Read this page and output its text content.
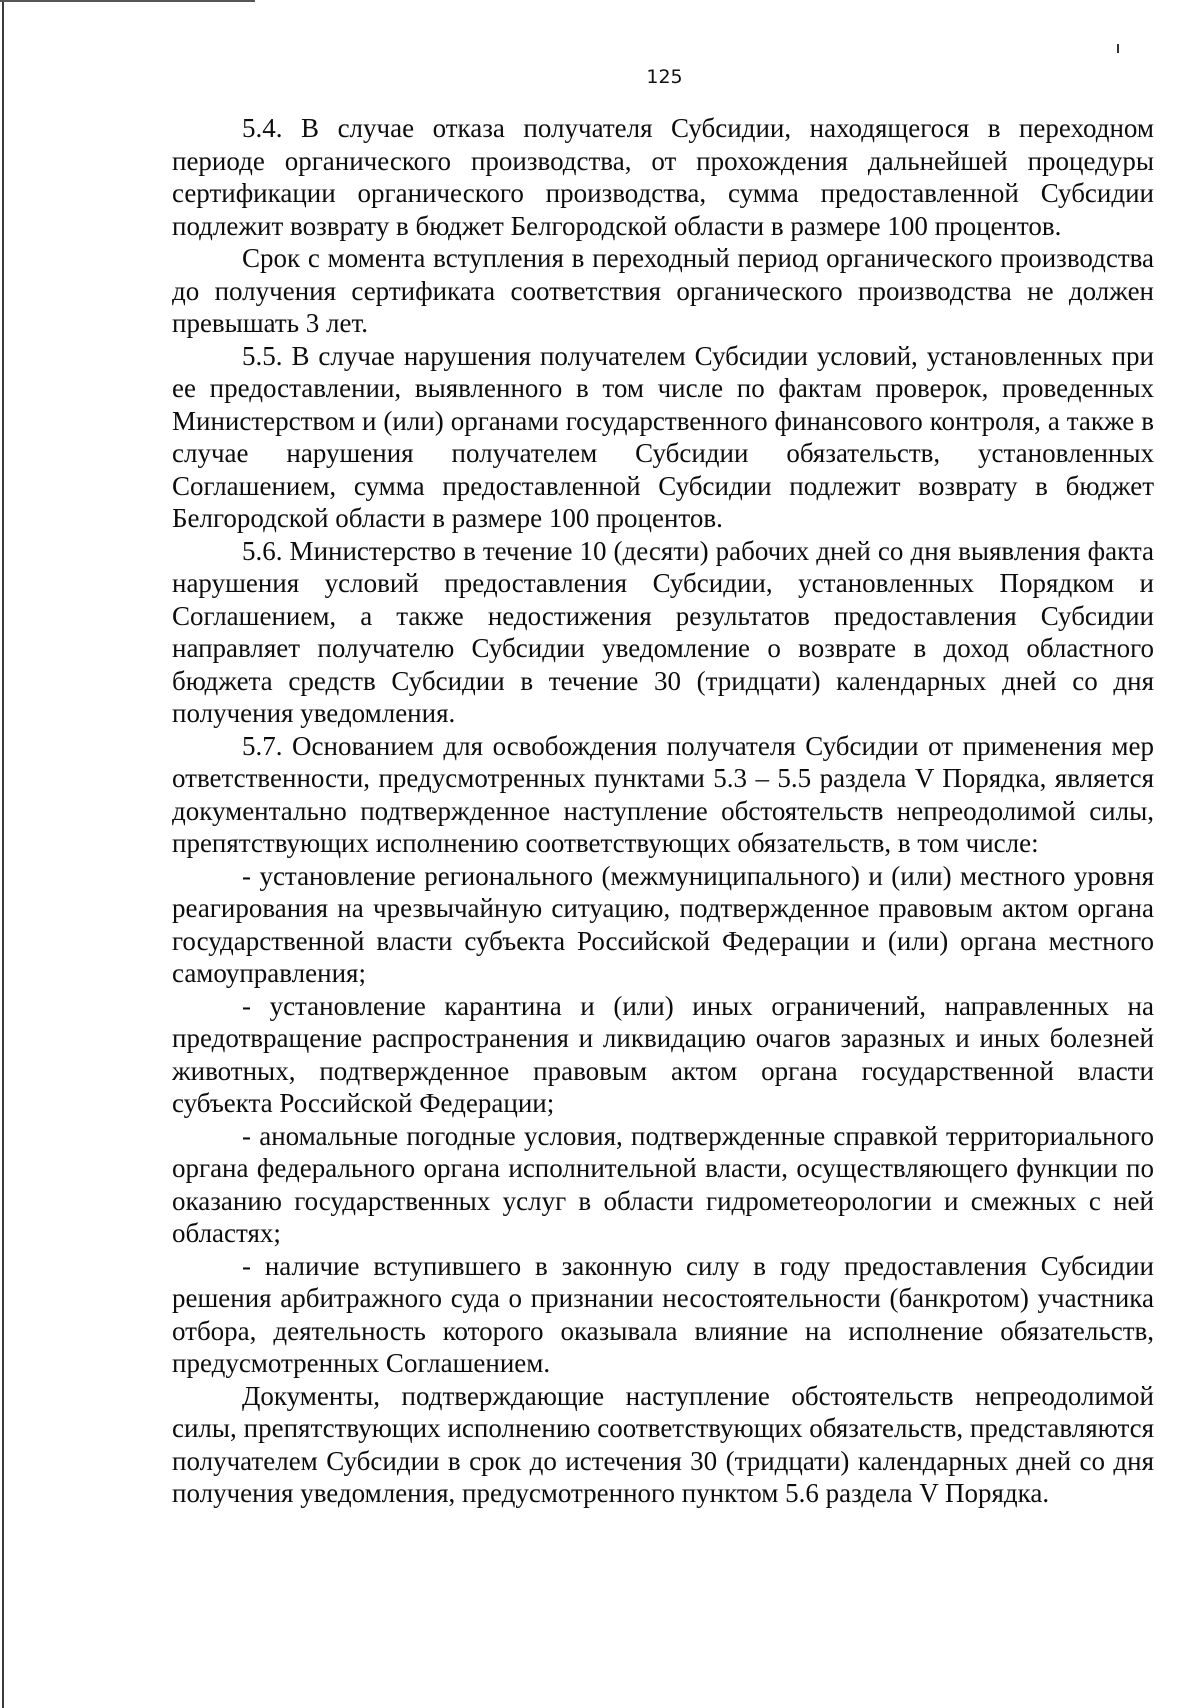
125

5.4. В случае отказа получателя Субсидии, находящегося в переходном периоде органического производства, от прохождения дальнейшей процедуры сертификации органического производства, сумма предоставленной Субсидии подлежит возврату в бюджет Белгородской области в размере 100 процентов.

Срок с момента вступления в переходный период органического производства до получения сертификата соответствия органического производства не должен превышать 3 лет.

5.5. В случае нарушения получателем Субсидии условий, установленных при ее предоставлении, выявленного в том числе по фактам проверок, проведенных Министерством и (или) органами государственного финансового контроля, а также в случае нарушения получателем Субсидии обязательств, установленных Соглашением, сумма предоставленной Субсидии подлежит возврату в бюджет Белгородской области в размере 100 процентов.

5.6. Министерство в течение 10 (десяти) рабочих дней со дня выявления факта нарушения условий предоставления Субсидии, установленных Порядком и Соглашением, а также недостижения результатов предоставления Субсидии направляет получателю Субсидии уведомление о возврате в доход областного бюджета средств Субсидии в течение 30 (тридцати) календарных дней со дня получения уведомления.

5.7. Основанием для освобождения получателя Субсидии от применения мер ответственности, предусмотренных пунктами 5.3 – 5.5 раздела V Порядка, является документально подтвержденное наступление обстоятельств непреодолимой силы, препятствующих исполнению соответствующих обязательств, в том числе:

- установление регионального (межмуниципального) и (или) местного уровня реагирования на чрезвычайную ситуацию, подтвержденное правовым актом органа государственной власти субъекта Российской Федерации и (или) органа местного самоуправления;

- установление карантина и (или) иных ограничений, направленных на предотвращение распространения и ликвидацию очагов заразных и иных болезней животных, подтвержденное правовым актом органа государственной власти субъекта Российской Федерации;

- аномальные погодные условия, подтвержденные справкой территориального органа федерального органа исполнительной власти, осуществляющего функции по оказанию государственных услуг в области гидрометеорологии и смежных с ней областях;

- наличие вступившего в законную силу в году предоставления Субсидии решения арбитражного суда о признании несостоятельности (банкротом) участника отбора, деятельность которого оказывала влияние на исполнение обязательств, предусмотренных Соглашением.

Документы, подтверждающие наступление обстоятельств непреодолимой силы, препятствующих исполнению соответствующих обязательств, представляются получателем Субсидии в срок до истечения 30 (тридцати) календарных дней со дня получения уведомления, предусмотренного пунктом 5.6 раздела V Порядка.
